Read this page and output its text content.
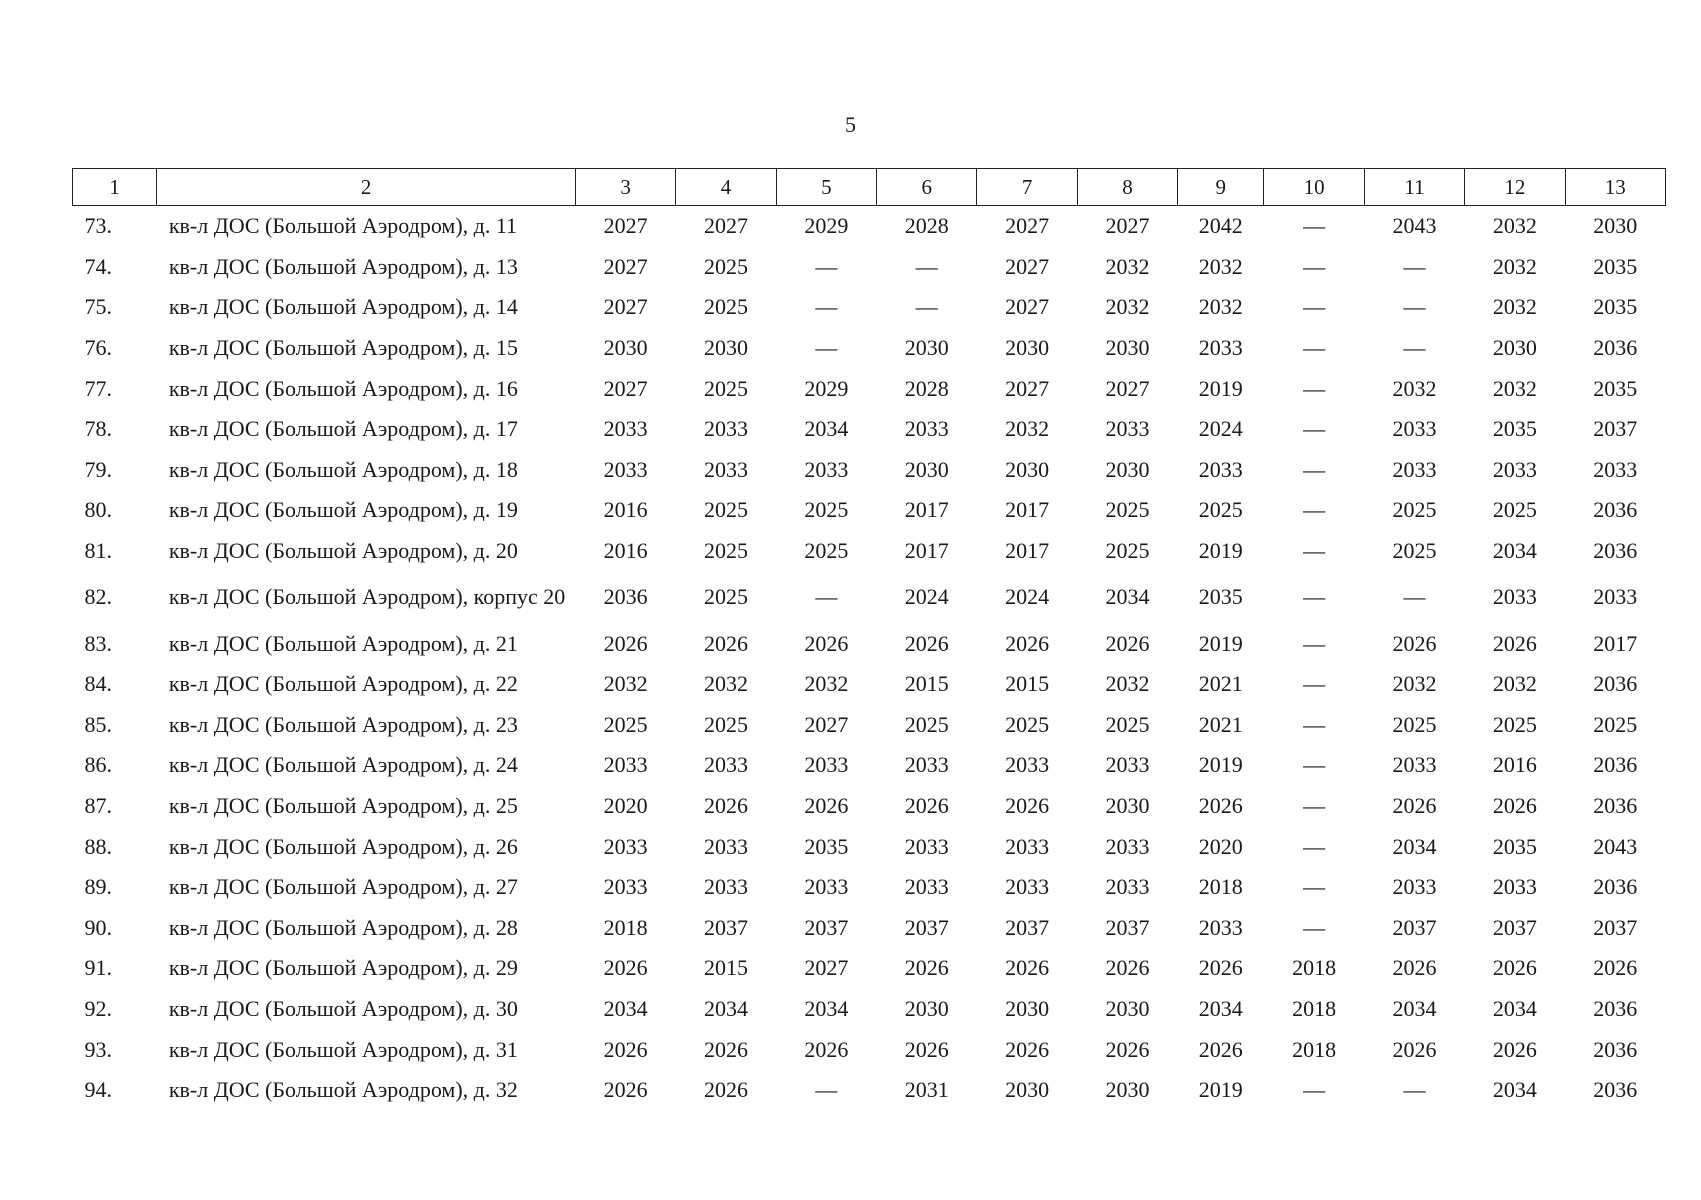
5
1	2	3	4	5	6	7	8	9	10	11	12	13
73.	кв-л ДОС (Большой Аэродром), д. 11	2027	2027	2029	2028	2027	2027	2042	—	2043	2032	2030
74.	кв-л ДОС (Большой Аэродром), д. 13	2027	2025	—	—	2027	2032	2032	—	—	2032	2035
75.	кв-л ДОС (Большой Аэродром), д. 14	2027	2025	—	—	2027	2032	2032	—	—	2032	2035
76.	кв-л ДОС (Большой Аэродром), д. 15	2030	2030	—	2030	2030	2030	2033	—	—	2030	2036
77.	кв-л ДОС (Большой Аэродром), д. 16	2027	2025	2029	2028	2027	2027	2019	—	2032	2032	2035
78.	кв-л ДОС (Большой Аэродром), д. 17	2033	2033	2034	2033	2032	2033	2024	—	2033	2035	2037
79.	кв-л ДОС (Большой Аэродром), д. 18	2033	2033	2033	2030	2030	2030	2033	—	2033	2033	2033
80.	кв-л ДОС (Большой Аэродром), д. 19	2016	2025	2025	2017	2017	2025	2025	—	2025	2025	2036
81.	кв-л ДОС (Большой Аэродром), д. 20	2016	2025	2025	2017	2017	2025	2019	—	2025	2034	2036
82.	кв-л ДОС (Большой Аэродром), корпус 20	2036	2025	—	2024	2024	2034	2035	—	—	2033	2033
83.	кв-л ДОС (Большой Аэродром), д. 21	2026	2026	2026	2026	2026	2026	2019	—	2026	2026	2017
84.	кв-л ДОС (Большой Аэродром), д. 22	2032	2032	2032	2015	2015	2032	2021	—	2032	2032	2036
85.	кв-л ДОС (Большой Аэродром), д. 23	2025	2025	2027	2025	2025	2025	2021	—	2025	2025	2025
86.	кв-л ДОС (Большой Аэродром), д. 24	2033	2033	2033	2033	2033	2033	2019	—	2033	2016	2036
87.	кв-л ДОС (Большой Аэродром), д. 25	2020	2026	2026	2026	2026	2030	2026	—	2026	2026	2036
88.	кв-л ДОС (Большой Аэродром), д. 26	2033	2033	2035	2033	2033	2033	2020	—	2034	2035	2043
89.	кв-л ДОС (Большой Аэродром), д. 27	2033	2033	2033	2033	2033	2033	2018	—	2033	2033	2036
90.	кв-л ДОС (Большой Аэродром), д. 28	2018	2037	2037	2037	2037	2037	2033	—	2037	2037	2037
91.	кв-л ДОС (Большой Аэродром), д. 29	2026	2015	2027	2026	2026	2026	2026	2018	2026	2026	2026
92.	кв-л ДОС (Большой Аэродром), д. 30	2034	2034	2034	2030	2030	2030	2034	2018	2034	2034	2036
93.	кв-л ДОС (Большой Аэродром), д. 31	2026	2026	2026	2026	2026	2026	2026	2018	2026	2026	2036
94.	кв-л ДОС (Большой Аэродром), д. 32	2026	2026	—	2031	2030	2030	2019	—	—	2034	2036
